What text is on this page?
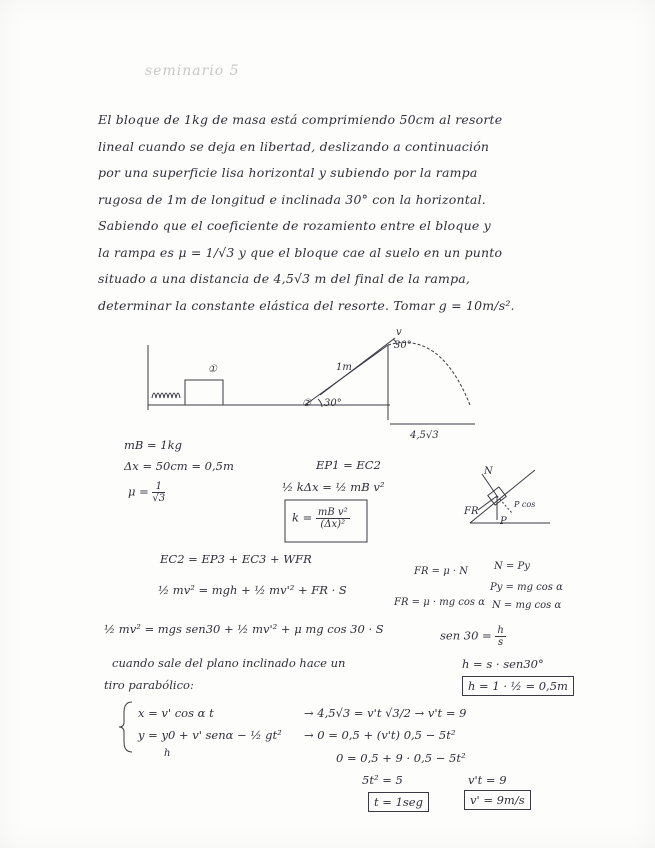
seminario 5
El bloque de 1kg de masa está comprimiendo 50cm al resorte
lineal cuando se deja en libertad, deslizando a continuación
por una superficie lisa horizontal y subiendo por la rampa
rugosa de 1m de longitud e inclinada 30° con la horizontal.
Sabiendo que el coeficiente de rozamiento entre el bloque y
la rampa es μ = 1/√3 y que el bloque cae al suelo en un punto
situado a una distancia de 4,5√3 m del final de la rampa,
determinar la constante elástica del resorte. Tomar g = 10m/s².
①
②
1m
30°
30°
v
4,5√3
mB = 1kg
Δx = 50cm = 0,5m
$\mu = \frac{1}{√3}$
EP1 = EC2
½ kΔx = ½ mB v²
$k = \frac{\text{mB v²}}{\text{(Δx)²}}$
N
P
FR
P cos
EC2 = EP3 + EC3 + WFR
½ mv² = mgh + ½ mv'² + FR · S
½ mv² = mgs sen30 + ½ mv'² + μ mg cos 30 · S
FR = μ · N
FR = μ · mg cos α
N = Py
Py = mg cos α
N = mg cos α
sen $30 = \frac{h}{s}$
h = s · sen30°
h = 1 · ½ = 0,5m
cuando sale del plano inclinado hace un
tiro parabólico:
x = v' cos α t
y = y0 + v' senα − ½ gt²
h
→ 4,5√3 = v't √3/2 → v't = 9
→ 0 = 0,5 + (v't) 0,5 − 5t²
0 = 0,5 + 9 · 0,5 − 5t²
5t² = 5	v't = 9
t = 1seg	v' = 9m/s
